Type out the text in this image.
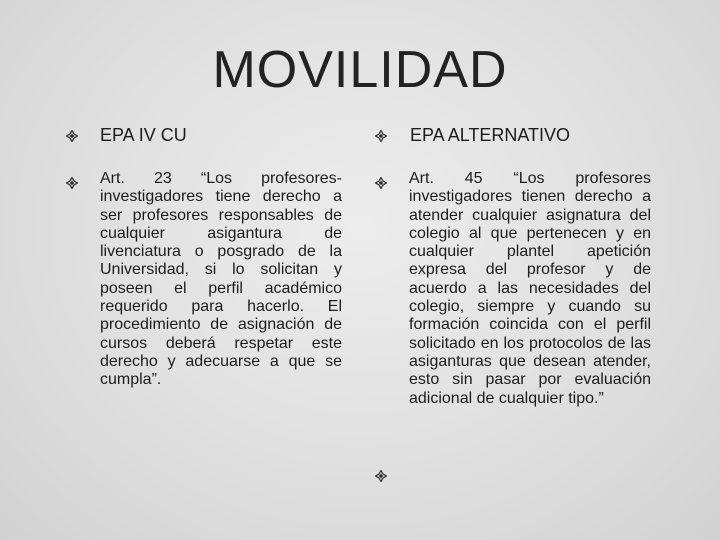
MOVILIDAD
EPA IV CU
Art. 23 “Los profesores-investigadores tiene derecho a ser profesores responsables de cualquier asigantura de livenciatura o posgrado de la Universidad, si lo solicitan y poseen el perfil académico requerido para hacerlo. El procedimiento de asignación de cursos deberá respetar este derecho y adecuarse a que se cumpla”.
EPA ALTERNATIVO
Art. 45 “Los profesores investigadores tienen derecho a atender cualquier asignatura del colegio al que pertenecen y en cualquier plantel apetición expresa del profesor y de acuerdo a las necesidades del colegio, siempre y cuando su formación coincida con el perfil solicitado en los protocolos de las asiganturas que desean atender, esto sin pasar por evaluación adicional de cualquier tipo.”
